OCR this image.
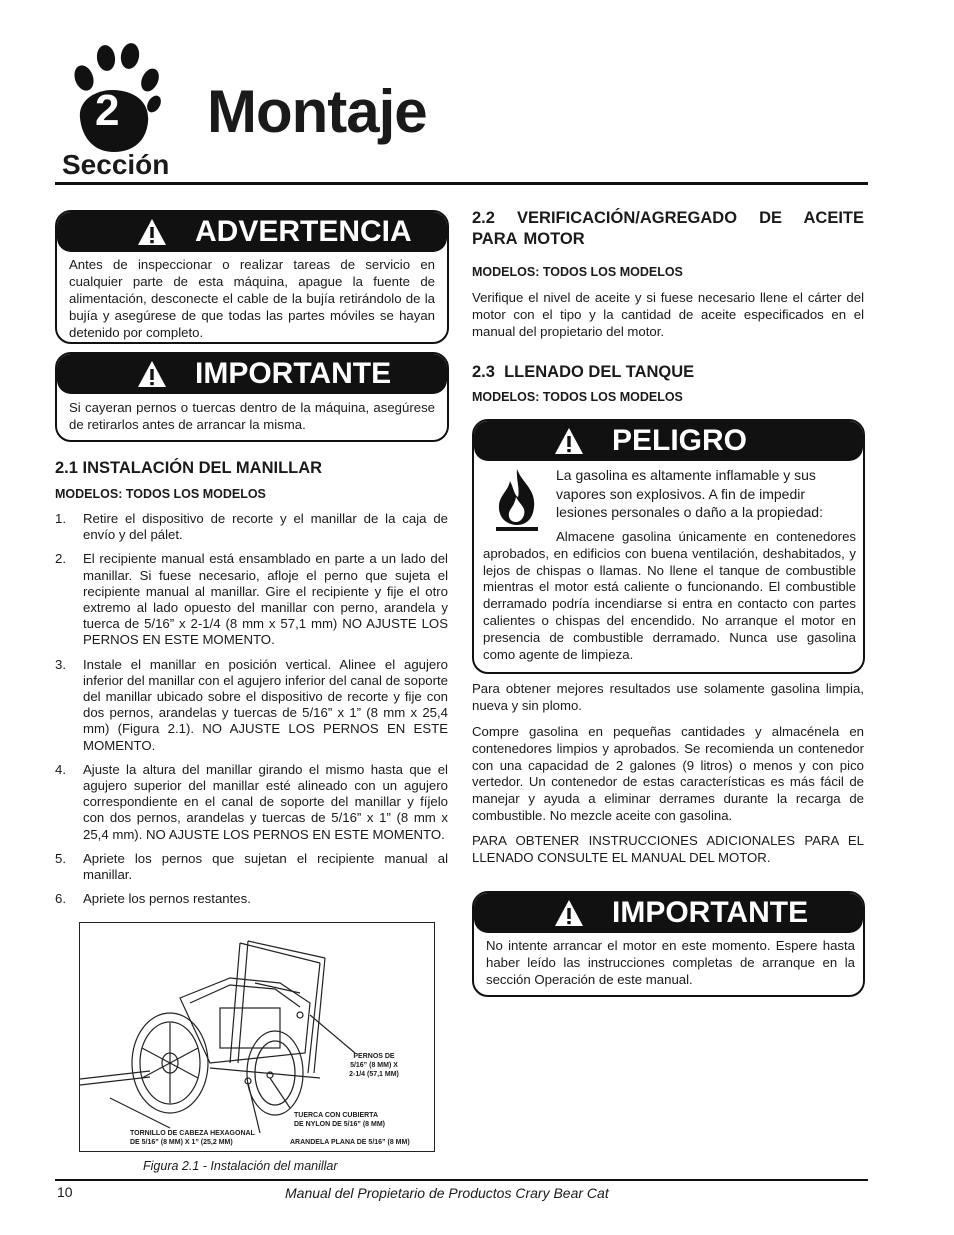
2 Montaje
Sección
ADVERTENCIA
Antes de inspeccionar o realizar tareas de servicio en cualquier parte de esta máquina, apague la fuente de alimentación, desconecte el cable de la bujía retirándolo de la bujía y asegúrese de que todas las partes móviles se hayan detenido por completo.
IMPORTANTE
Si cayeran pernos o tuercas dentro de la máquina, asegúrese de retirarlos antes de arrancar la misma.
2.1 INSTALACIÓN DEL MANILLAR
MODELOS: TODOS LOS MODELOS
1. Retire el dispositivo de recorte y el manillar de la caja de envío y del pálet.
2. El recipiente manual está ensamblado en parte a un lado del manillar. Si fuese necesario, afloje el perno que sujeta el recipiente manual al manillar. Gire el recipiente y fije el otro extremo al lado opuesto del manillar con perno, arandela y tuerca de 5/16” x 2-1/4 (8 mm x 57,1 mm) NO AJUSTE LOS PERNOS EN ESTE MOMENTO.
3. Instale el manillar en posición vertical. Alinee el agujero inferior del manillar con el agujero inferior del canal de soporte del manillar ubicado sobre el dispositivo de recorte y fije con dos pernos, arandelas y tuercas de 5/16” x 1” (8 mm x 25,4 mm) (Figura 2.1). NO AJUSTE LOS PERNOS EN ESTE MOMENTO.
4. Ajuste la altura del manillar girando el mismo hasta que el agujero superior del manillar esté alineado con un agujero correspondiente en el canal de soporte del manillar y fíjelo con dos pernos, arandelas y tuercas de 5/16” x 1” (8 mm x 25,4 mm). NO AJUSTE LOS PERNOS EN ESTE MOMENTO.
5. Apriete los pernos que sujetan el recipiente manual al manillar.
6. Apriete los pernos restantes.
PERNOS DE
5/16” (8 MM) X
2-1/4 (57,1 MM)
TUERCA CON CUBIERTA
DE NYLON DE 5/16” (8 MM)
TORNILLO DE CABEZA HEXAGONAL
DE 5/16” (8 MM) X 1” (25,2 MM)	ARANDELA PLANA DE 5/16” (8 MM)
Figura 2.1 - Instalación del manillar
2.2 VERIFICACIÓN/AGREGADO DE ACEITE PARA MOTOR
MODELOS: TODOS LOS MODELOS
Verifique el nivel de aceite y si fuese necesario llene el cárter del motor con el tipo y la cantidad de aceite especificados en el manual del propietario del motor.
2.3  LLENADO DEL TANQUE
MODELOS: TODOS LOS MODELOS
PELIGRO
La gasolina es altamente inflamable y sus vapores son explosivos. A fin de impedir lesiones personales o daño a la propiedad:
Almacene gasolina únicamente en contenedores aprobados, en edificios con buena ventilación, deshabitados, y lejos de chispas o llamas. No llene el tanque de combustible mientras el motor está caliente o funcionando. El combustible derramado podría incendiarse si entra en contacto con partes calientes o chispas del encendido. No arranque el motor en presencia de combustible derramado. Nunca use gasolina como agente de limpieza.
Para obtener mejores resultados use solamente gasolina limpia, nueva y sin plomo.
Compre gasolina en pequeñas cantidades y almacénela en contenedores limpios y aprobados. Se recomienda un contenedor con una capacidad de 2 galones (9 litros) o menos y con pico vertedor. Un contenedor de estas características es más fácil de manejar y ayuda a eliminar derrames durante la recarga de combustible. No mezcle aceite con gasolina.
PARA OBTENER INSTRUCCIONES ADICIONALES PARA EL LLENADO CONSULTE EL MANUAL DEL MOTOR.
IMPORTANTE
No intente arrancar el motor en este momento. Espere hasta haber leído las instrucciones completas de arranque en la sección Operación de este manual.
10	Manual del Propietario de Productos Crary Bear Cat
